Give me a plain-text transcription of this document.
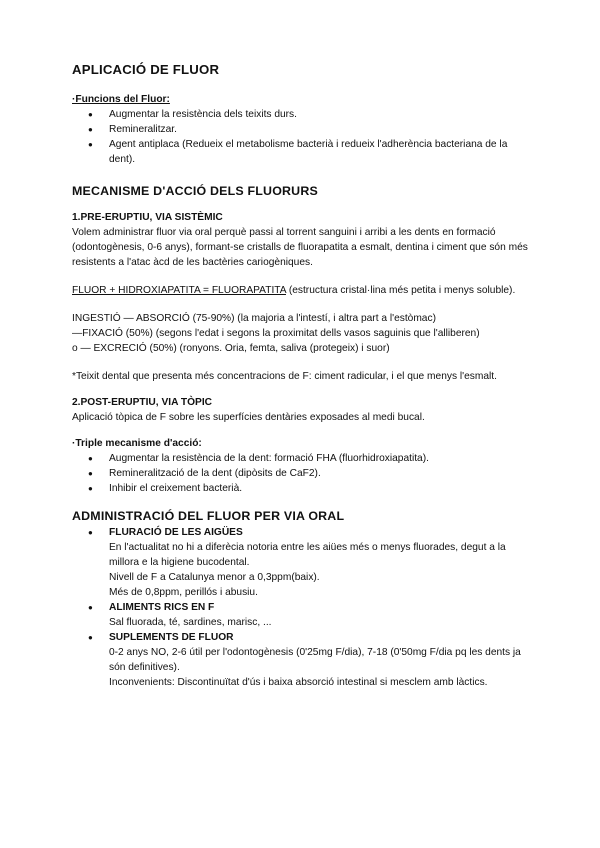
APLICACIÓ DE FLUOR
·Funcions del Fluor:
● Augmentar la resistència dels teixits durs.
● Remineralitzar.
● Agent antiplaca (Redueix el metabolisme bacterià i redueix l'adherència bacteriana de la dent).
MECANISME D'ACCIÓ DELS FLUORURS
1.PRE-ERUPTIU, VIA SISTÈMIC

Volem administrar fluor via oral perquè passi al torrent sanguini i arribi a les dents en formació (odontogènesis, 0-6 anys), formant-se cristalls de fluorapatita a esmalt, dentina i ciment que són més resistents a l'atac àcd de les bactèries cariogèniques.

FLUOR + HIDROXIAPATITA = FLUORAPATITA (estructura cristal·lina més petita i menys soluble).

INGESTIÓ — ABSORCIÓ (75-90%) (la majoria a l'intestí, i altra part a l'estòmac)

—FIXACIÓ (50%) (segons l'edat i segons la proximitat dells vasos saguinis que l'alliberen)

o — EXCRECIÓ (50%) (ronyons. Oria, femta, saliva (protegeix) i suor)

*Teixit dental que presenta més concentracions de F: ciment radicular, i el que menys l'esmalt.

2.POST-ERUPTIU, VIA TÒPIC

Aplicació tòpica de F sobre les superfícies dentàries exposades al medi bucal.

·Triple mecanisme d'acció:
● Augmentar la resistència de la dent: formació FHA (fluorhidroxiapatita).
● Remineralització de la dent (dipòsits de CaF2).
● Inhibir el creixement bacterià.
ADMINISTRACIÓ DEL FLUOR PER VIA ORAL
● FLURACIÓ DE LES AIGÜES
En l'actualitat no hi a diferècia notoria entre les aiües més o menys fluorades, degut a la millora e la higiene bucodental.
Nivell de F a Catalunya menor a 0,3ppm(baix).
Més de 0,8ppm, perillós i abusiu.
● ALIMENTS RICS EN F
Sal fluorada, té, sardines, marisc, ...
● SUPLEMENTS DE FLUOR
0-2 anys NO, 2-6 útil per l'odontogènesis (0'25mg F/dia), 7-18 (0'50mg F/dia pq les dents ja són definitives).
Inconvenients: Discontinuïtat d'ús i baixa absorció intestinal si mesclem amb làctics.
